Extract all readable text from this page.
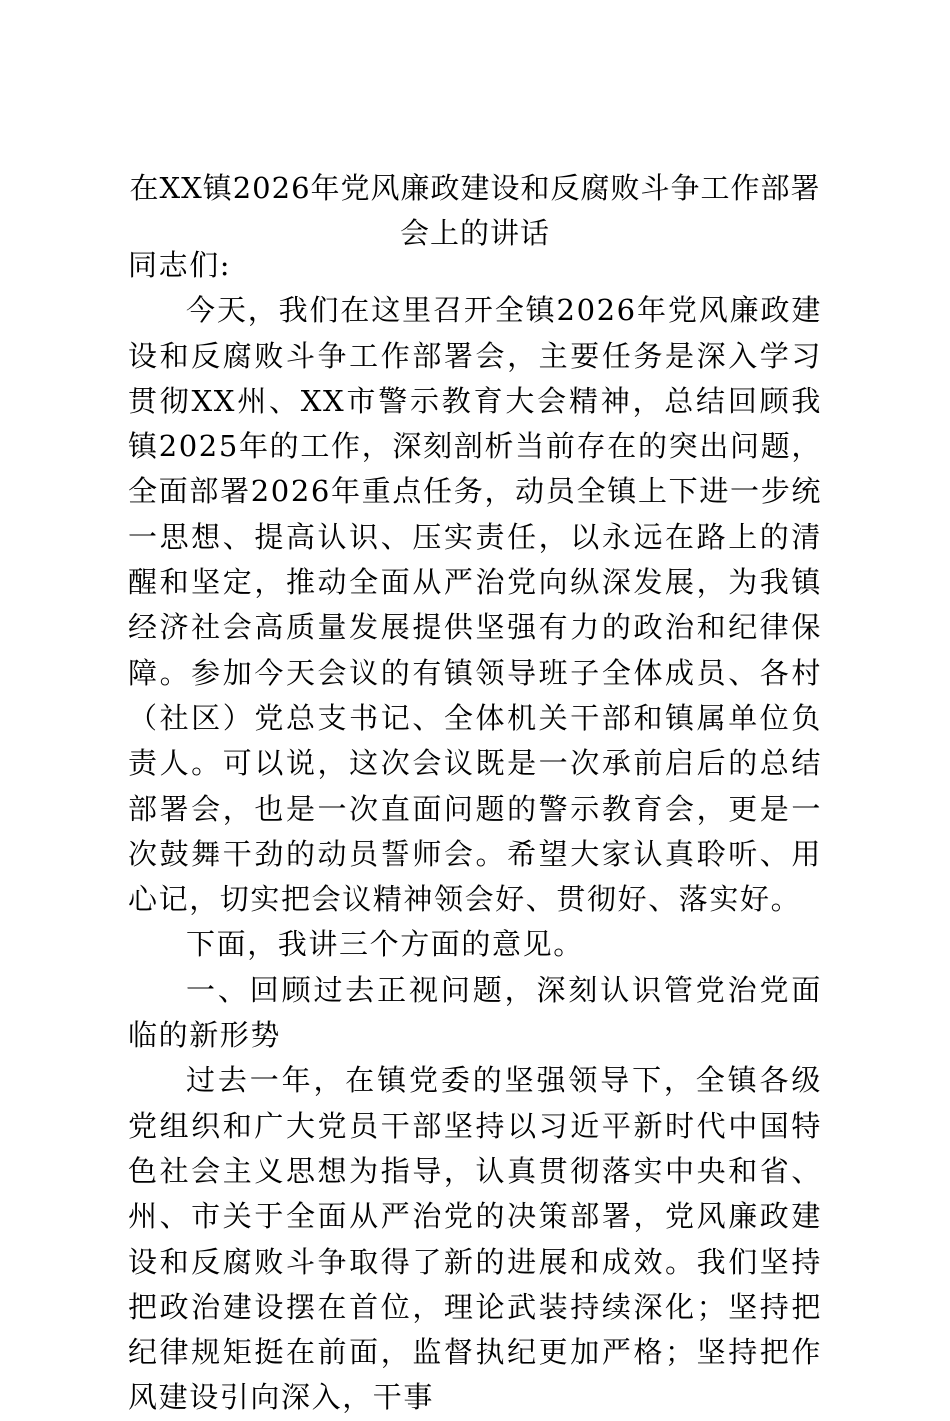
在XX镇2026年党风廉政建设和反腐败斗争工作部署会上的讲话

同志们:

今天，我们在这里召开全镇2026年党风廉政建设和反腐败斗争工作部署会，主要任务是深入学习贯彻XX州、XX市警示教育大会精神，总结回顾我镇2025年的工作，深刻剖析当前存在的突出问题，全面部署2026年重点任务，动员全镇上下进一步统一思想、提高认识、压实责任，以永远在路上的清醒和坚定，推动全面从严治党向纵深发展，为我镇经济社会高质量发展提供坚强有力的政治和纪律保障。参加今天会议的有镇领导班子全体成员、各村（社区）党总支书记、全体机关干部和镇属单位负责人。可以说，这次会议既是一次承前启后的总结部署会，也是一次直面问题的警示教育会，更是一次鼓舞干劲的动员誓师会。希望大家认真聆听、用心记，切实把会议精神领会好、贯彻好、落实好。

下面，我讲三个方面的意见。

一、回顾过去正视问题，深刻认识管党治党面临的新形势

过去一年，在镇党委的坚强领导下，全镇各级党组织和广大党员干部坚持以习近平新时代中国特色社会主义思想为指导，认真贯彻落实中央和省、州、市关于全面从严治党的决策部署，党风廉政建设和反腐败斗争取得了新的进展和成效。我们坚持把政治建设摆在首位，理论武装持续深化；坚持把纪律规矩挺在前面，监督执纪更加严格；坚持把作风建设引向深入，干事
